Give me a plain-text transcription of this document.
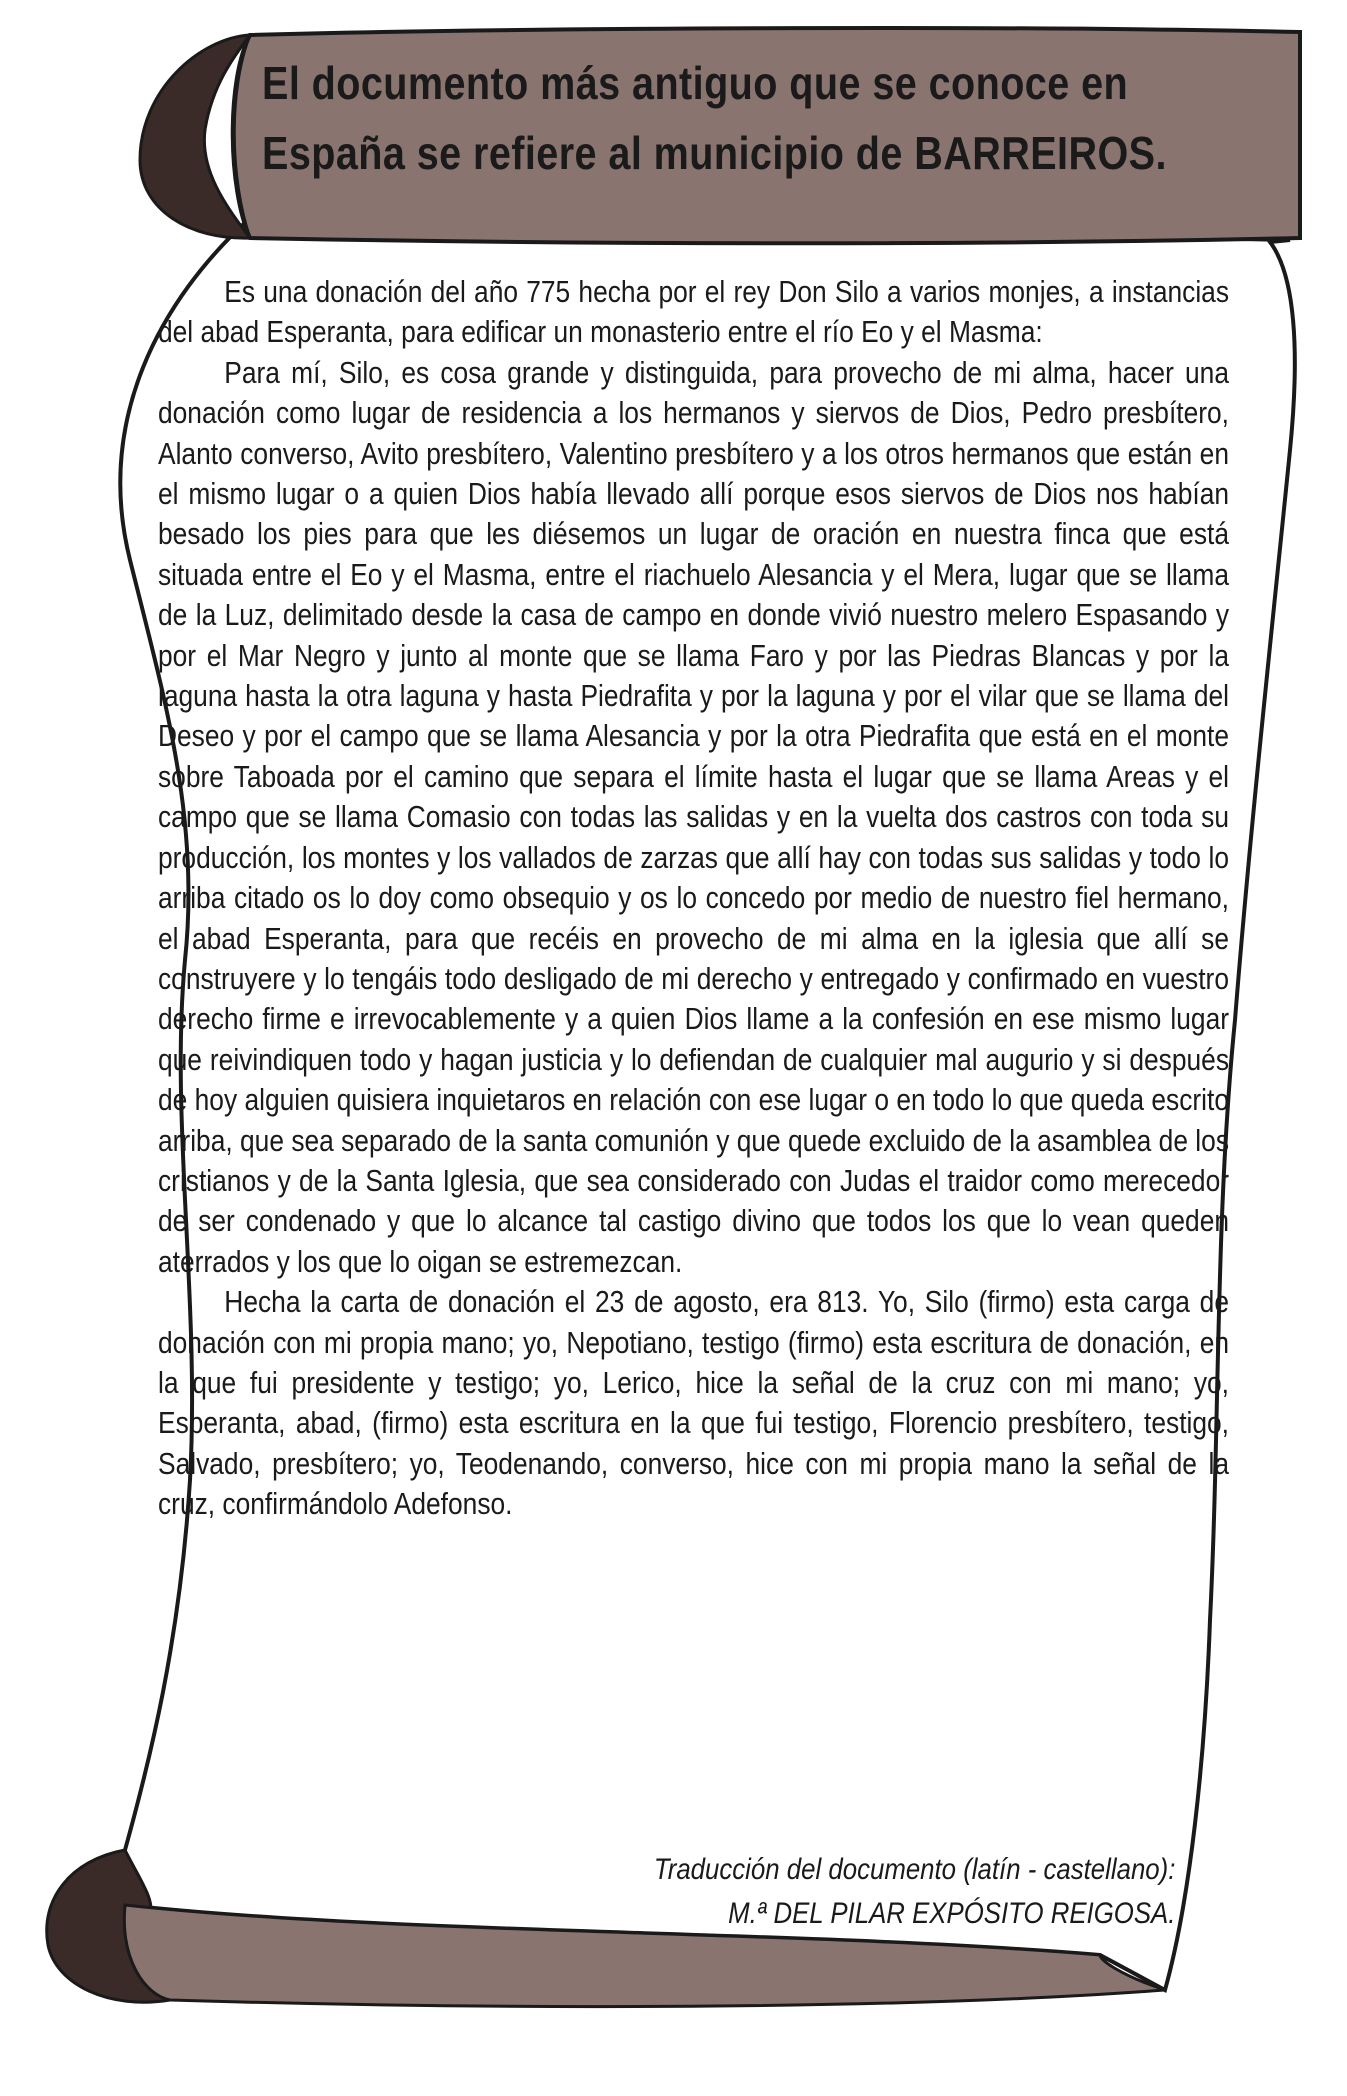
El documento más antiguo que se conoce en
España se refiere al municipio de BARREIROS.

Es una donación del año 775 hecha por el rey Don Silo a varios monjes, a instancias del abad Esperanta, para edificar un monasterio entre el río Eo y el Masma:

Para mí, Silo, es cosa grande y distinguida, para provecho de mi alma, hacer una donación como lugar de residencia a los hermanos y siervos de Dios, Pedro presbítero, Alanto converso, Avito presbítero, Valentino presbítero y a los otros hermanos que están en el mismo lugar o a quien Dios había llevado allí porque esos siervos de Dios nos habían besado los pies para que les diésemos un lugar de oración en nuestra finca que está situada entre el Eo y el Masma, entre el riachuelo Alesancia y el Mera, lugar que se llama de la Luz, delimitado desde la casa de campo en donde vivió nuestro melero Espasando y por el Mar Negro y junto al monte que se llama Faro y por las Piedras Blancas y por la laguna hasta la otra laguna y hasta Piedrafita y por la laguna y por el vilar que se llama del Deseo y por el campo que se llama Alesancia y por la otra Piedrafita que está en el monte sobre Taboada por el camino que separa el límite hasta el lugar que se llama Areas y el campo que se llama Comasio con todas las salidas y en la vuelta dos castros con toda su producción, los montes y los vallados de zarzas que allí hay con todas sus salidas y todo lo arriba citado os lo doy como obsequio y os lo concedo por medio de nuestro fiel hermano, el abad Esperanta, para que recéis en provecho de mi alma en la iglesia que allí se construyere y lo tengáis todo desligado de mi derecho y entregado y confirmado en vuestro derecho firme e irrevocablemente y a quien Dios llame a la confesión en ese mismo lugar que reivindiquen todo y hagan justicia y lo defiendan de cualquier mal augurio y si después de hoy alguien quisiera inquietaros en relación con ese lugar o en todo lo que queda escrito arriba, que sea separado de la santa comunión y que quede excluido de la asamblea de los cristianos y de la Santa Iglesia, que sea considerado con Judas el traidor como merecedor de ser condenado y que lo alcance tal castigo divino que todos los que lo vean queden aterrados y los que lo oigan se estremezcan.

Hecha la carta de donación el 23 de agosto, era 813. Yo, Silo (firmo) esta carga de donación con mi propia mano; yo, Nepotiano, testigo (firmo) esta escritura de donación, en la que fui presidente y testigo; yo, Lerico, hice la señal de la cruz con mi mano; yo, Esperanta, abad, (firmo) esta escritura en la que fui testigo, Florencio presbítero, testigo, Salvado, presbítero; yo, Teodenando, converso, hice con mi propia mano la señal de la cruz, confirmándolo Adefonso.

Traducción del documento (latín - castellano):
M.ª DEL PILAR EXPÓSITO REIGOSA.
